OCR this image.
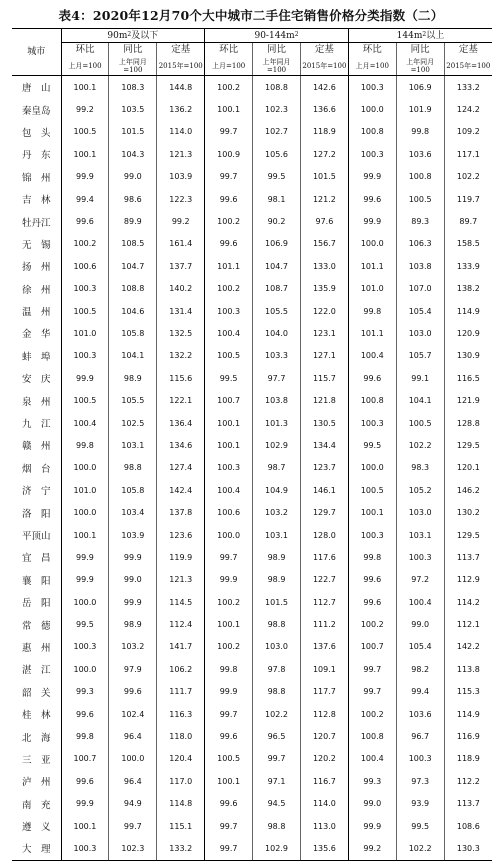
表4：2020年12月70个大中城市二手住宅销售价格分类指数（二）
城市	$90m^2$及以下			$90-144m^2$			$144m^2$以上		
	环比	同比	定基	环比	同比	定基	环比	同比	定基
	上月=100	上年同月=100	2015年=100	上月=100	上年同月=100	2015年=100	上月=100	上年同月=100	2015年=100
唐　山	100.1	108.3	144.8	100.2	108.8	142.6	100.3	106.9	133.2
秦皇岛	99.2	103.5	136.2	100.1	102.3	136.6	100.0	101.9	124.2
包　头	100.5	101.5	114.0	99.7	102.7	118.9	100.8	99.8	109.2
丹　东	100.1	104.3	121.3	100.9	105.6	127.2	100.3	103.6	117.1
锦　州	99.9	99.0	103.9	99.7	99.5	101.5	99.9	100.8	102.2
吉　林	99.4	98.6	122.3	99.6	98.1	121.2	99.6	100.5	119.7
牡丹江	99.6	89.9	99.2	100.2	90.2	97.6	99.9	89.3	89.7
无　锡	100.2	108.5	161.4	99.6	106.9	156.7	100.0	106.3	158.5
扬　州	100.6	104.7	137.7	101.1	104.7	133.0	101.1	103.8	133.9
徐　州	100.3	108.8	140.2	100.2	108.7	135.9	101.0	107.0	138.2
温　州	100.5	104.6	131.4	100.3	105.5	122.0	99.8	105.4	114.9
金　华	101.0	105.8	132.5	100.4	104.0	123.1	101.1	103.0	120.9
蚌　埠	100.3	104.1	132.2	100.5	103.3	127.1	100.4	105.7	130.9
安　庆	99.9	98.9	115.6	99.5	97.7	115.7	99.6	99.1	116.5
泉　州	100.5	105.5	122.1	100.7	103.8	121.8	100.8	104.1	121.9
九　江	100.4	102.5	136.4	100.1	101.3	130.5	100.3	100.5	128.8
赣　州	99.8	103.1	134.6	100.1	102.9	134.4	99.5	102.2	129.5
烟　台	100.0	98.8	127.4	100.3	98.7	123.7	100.0	98.3	120.1
济　宁	101.0	105.8	142.4	100.4	104.9	146.1	100.5	105.2	146.2
洛　阳	100.0	103.4	137.8	100.6	103.2	129.7	100.1	103.0	130.2
平顶山	100.1	103.9	123.6	100.0	103.1	128.0	100.3	103.1	129.5
宜　昌	99.9	99.9	119.9	99.7	98.9	117.6	99.8	100.3	113.7
襄　阳	99.9	99.0	121.3	99.9	98.9	122.7	99.6	97.2	112.9
岳　阳	100.0	99.9	114.5	100.2	101.5	112.7	99.6	100.4	114.2
常　德	99.5	98.9	112.4	100.1	98.8	111.2	100.2	99.0	112.1
惠　州	100.3	103.2	141.7	100.2	103.0	137.6	100.7	105.4	142.2
湛　江	100.0	97.9	106.2	99.8	97.8	109.1	99.7	98.2	113.8
韶　关	99.3	99.6	111.7	99.9	98.8	117.7	99.7	99.4	115.3
桂　林	99.6	102.4	116.3	99.7	102.2	112.8	100.2	103.6	114.9
北　海	99.8	96.4	118.0	99.6	96.5	120.7	100.8	96.7	116.9
三　亚	100.7	100.0	120.4	100.5	99.7	120.2	100.4	100.3	118.9
泸　州	99.6	96.4	117.0	100.1	97.1	116.7	99.3	97.3	112.2
南　充	99.9	94.9	114.8	99.6	94.5	114.0	99.0	93.9	113.7
遵　义	100.1	99.7	115.1	99.7	98.8	113.0	99.9	99.5	108.6
大　理	100.3	102.3	133.2	99.7	102.9	135.6	99.2	102.2	130.3
